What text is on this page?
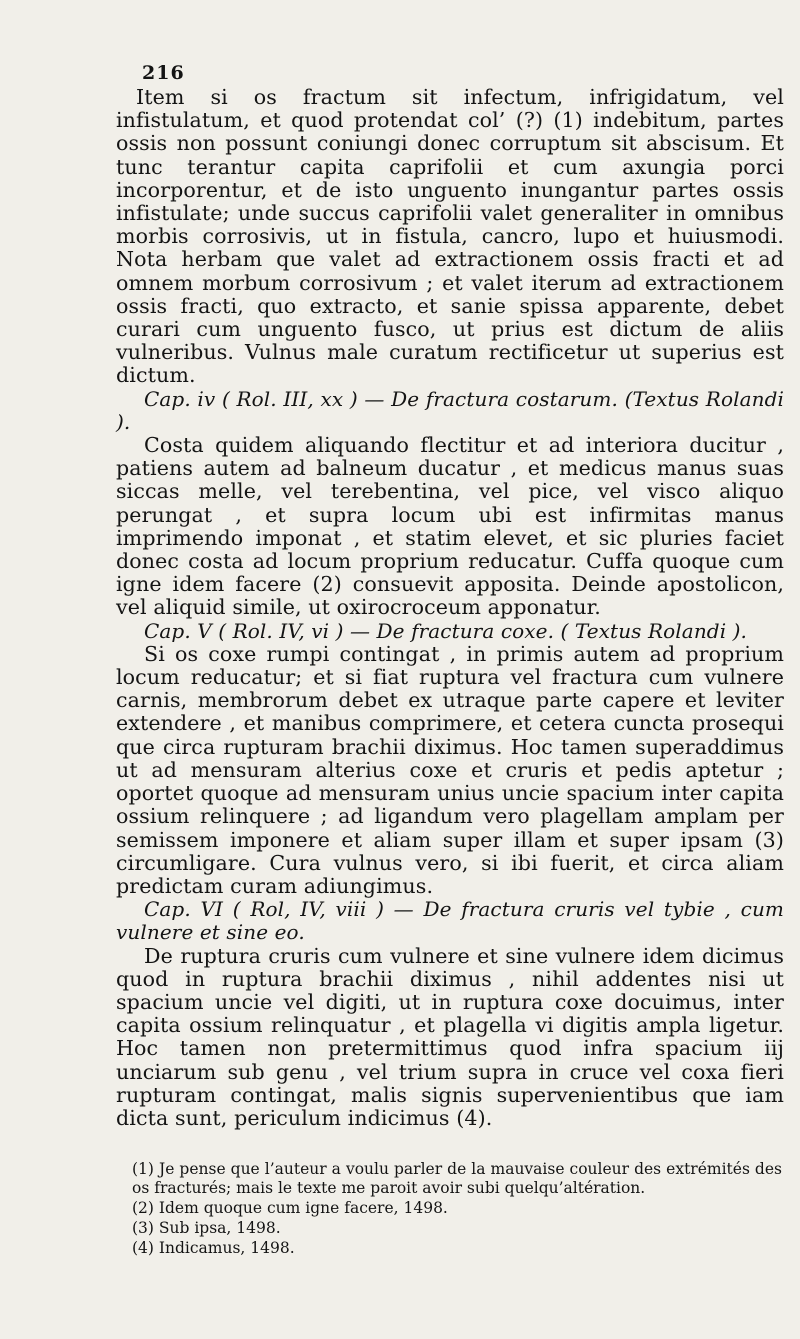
216

Item si os fractum sit infectum, infrigidatum, vel infistulatum, et quod protendat col’ (?) (1) indebitum, partes ossis non possunt coniungi donec corruptum sit abscisum. Et tunc terantur capita caprifolii et cum axungia porci incorporentur, et de isto unguento inungantur partes ossis infistulate; unde succus caprifolii valet generaliter in omnibus morbis corrosivis, ut in fistula, cancro, lupo et huiusmodi. Nota herbam que valet ad extractionem ossis fracti et ad omnem morbum corrosivum ; et valet iterum ad extractionem ossis fracti, quo extracto, et sanie spissa apparente, debet curari cum unguento fusco, ut prius est dictum de aliis vulneribus. Vulnus male curatum rectificetur ut superius est dictum.

Cap. iv ( Rol. III, xx ) — De fractura costarum. (Textus Rolandi ).

Costa quidem aliquando flectitur et ad interiora ducitur , patiens autem ad balneum ducatur , et medicus manus suas siccas melle, vel terebentina, vel pice, vel visco aliquo perungat , et supra locum ubi est infirmitas manus imprimendo imponat , et statim elevet, et sic pluries faciet donec costa ad locum proprium reducatur. Cuffa quoque cum igne idem facere (2) consuevit apposita. Deinde apostolicon, vel aliquid simile, ut oxirocroceum apponatur.

Cap. V ( Rol. IV, vi ) — De fractura coxe. ( Textus Rolandi ).

Si os coxe rumpi contingat , in primis autem ad proprium locum reducatur; et si fiat ruptura vel fractura cum vulnere carnis, membrorum debet ex utraque parte capere et leviter extendere , et manibus comprimere, et cetera cuncta prosequi que circa rupturam brachii diximus. Hoc tamen superaddimus ut ad mensuram alterius coxe et cruris et pedis aptetur ; oportet quoque ad mensuram unius uncie spacium inter capita ossium relinquere ; ad ligandum vero plagellam amplam per semissem imponere et aliam super illam et super ipsam (3) circumligare. Cura vulnus vero, si ibi fuerit, et circa aliam predictam curam adiungimus.

Cap. VI ( Rol, IV, viii ) — De fractura cruris vel tybie , cum vulnere et sine eo.

De ruptura cruris cum vulnere et sine vulnere idem dicimus quod in ruptura brachii diximus , nihil addentes nisi ut spacium uncie vel digiti, ut in ruptura coxe docuimus, inter capita ossium relinquatur , et plagella vi digitis ampla ligetur. Hoc tamen non pretermittimus quod infra spacium iij unciarum sub genu , vel trium supra in cruce vel coxa fieri rupturam contingat, malis signis supervenientibus que iam dicta sunt, periculum indicimus (4).

(1) Je pense que l’auteur a voulu parler de la mauvaise couleur des extrémités des os fracturés; mais le texte me paroit avoir subi quelqu’altération.

(2) Idem quoque cum igne facere, 1498.

(3) Sub ipsa, 1498.

(4) Indicamus, 1498.
